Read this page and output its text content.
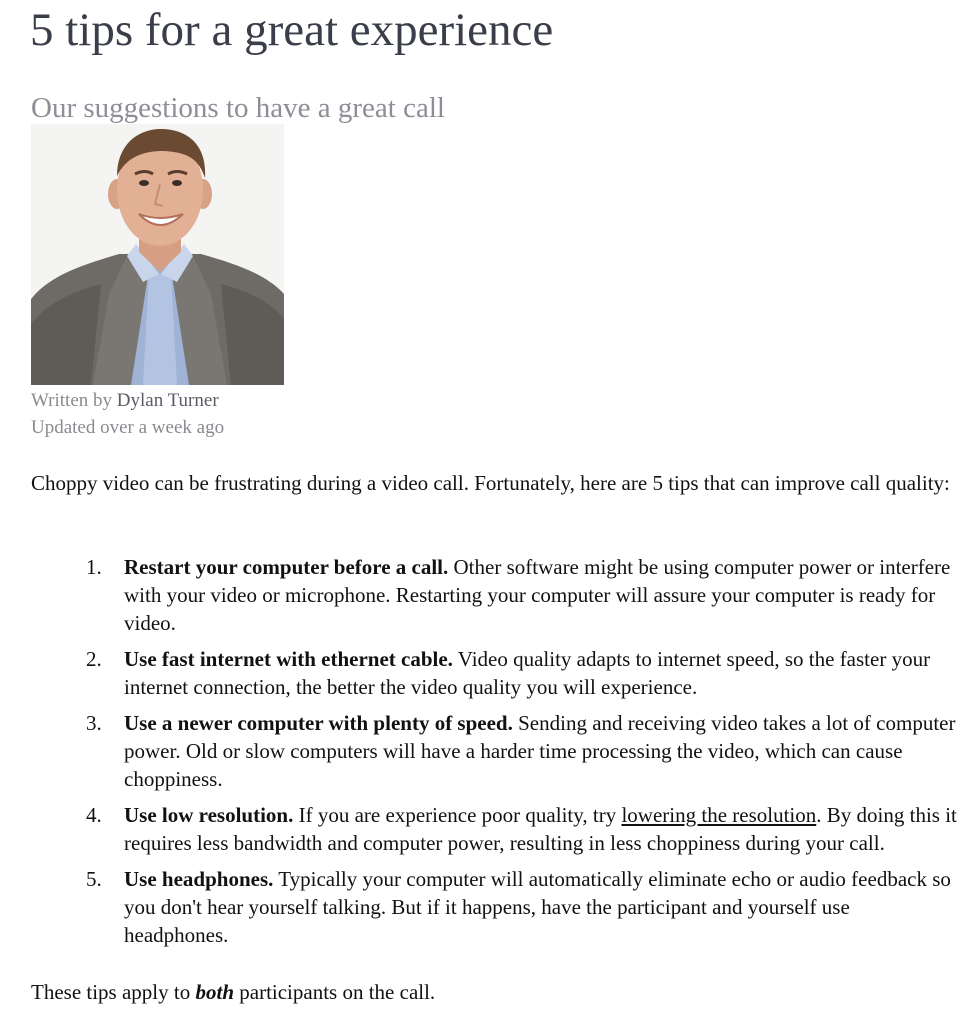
5 tips for a great experience
Our suggestions to have a great call
Written by Dylan Turner
Updated over a week ago

Choppy video can be frustrating during a video call. Fortunately, here are 5 tips that can improve call quality:

1.	Restart your computer before a call. Other software might be using computer power or interfere with your video or microphone. Restarting your computer will assure your computer is ready for video.
2.	Use fast internet with ethernet cable. Video quality adapts to internet speed, so the faster your internet connection, the better the video quality you will experience.
3.	Use a newer computer with plenty of speed. Sending and receiving video takes a lot of computer power. Old or slow computers will have a harder time processing the video, which can cause choppiness.
4.	Use low resolution. If you are experience poor quality, try lowering the resolution. By doing this it requires less bandwidth and computer power, resulting in less choppiness during your call.
5.	Use headphones. Typically your computer will automatically eliminate echo or audio feedback so you don't hear yourself talking. But if it happens, have the participant and yourself use headphones.

These tips apply to both participants on the call.
